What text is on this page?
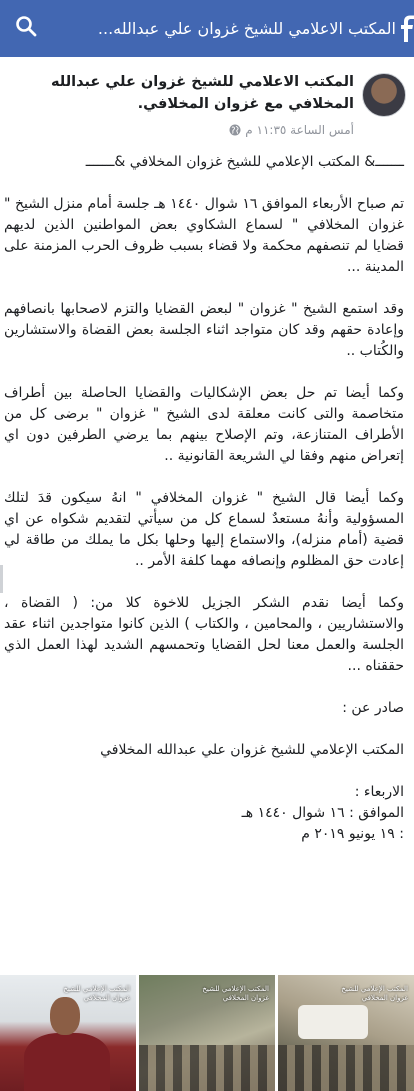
المكتب الاعلامي للشيخ غزوان علي عبدالله...
المكتب الاعلامي للشيخ غزوان علي عبدالله المخلافي مع غزوان المخلافي.
أمس الساعة ١١:٣٥ م

ـــــــ& المكتب الإعلامي للشيخ غزوان المخلافي &ـــــــ

تم صباح الأربعاء الموافق ١٦ شوال ١٤٤٠ هـ جلسة أمام منزل الشيخ " غزوان المخلافي " لسماع الشكاوي بعض المواطنين الذين لديهم قضايا لم تنصفهم محكمة ولا قضاء بسبب ظروف الحرب المزمنة على المدينة ...

وقد استمع الشيخ " غزوان " لبعض القضايا والتزم لاصحابها بانصافهم وإعادة حقهم وقد كان متواجد اثناء الجلسة بعض القضاة والاستشارين والكُتاب ..

وكما أيضا تم حل بعض الإشكاليات والقضايا الحاصلة بين أطراف متخاصمة والتى كانت معلقة لدى الشيخ " غزوان " برضى كل من الأطراف المتنازعة، وتم الإصلاح بينهم بما يرضي الطرفين دون اي إتعراض منهم وفقا لي الشريعة القانونية ..

وكما أيضا قال الشيخ " غزوان المخلافي " انهُ سيكون قدَ لتلك المسؤولية وأنهُ مستعدٌ لسماع كل من سيأتي لتقديم شكواه عن اي قضية (أمام منزله)، والاستماع إليها وحلها بكل ما يملك من طاقة لي إعادت حق المظلوم وإنصافه مهما كلفة الأمر ..

وكما أيضا نقدم الشكر الجزيل للاخوة كلا من: ( القضاة ، والاستشاريين ، والمحامين ، والكتاب ) الذين كانوا متواجدين اثناء عقد الجلسة والعمل معنا لحل القضايا وتحمسهم الشديد لهذا العمل الذي حققناه ...

صادر عن :

المكتب الإعلامي للشيخ غزوان علي عبدالله المخلافي

الاربعاء :

الموافق : ١٦ شوال ١٤٤٠ هـ

: ١٩ يونيو ٢٠١٩ م

المكتب الإعلامي للشيخ غزوان المخلافي
المكتب الإعلامي للشيخ غزوان المخلافي
المكتب الإعلامي للشيخ غزوان المخلافي
